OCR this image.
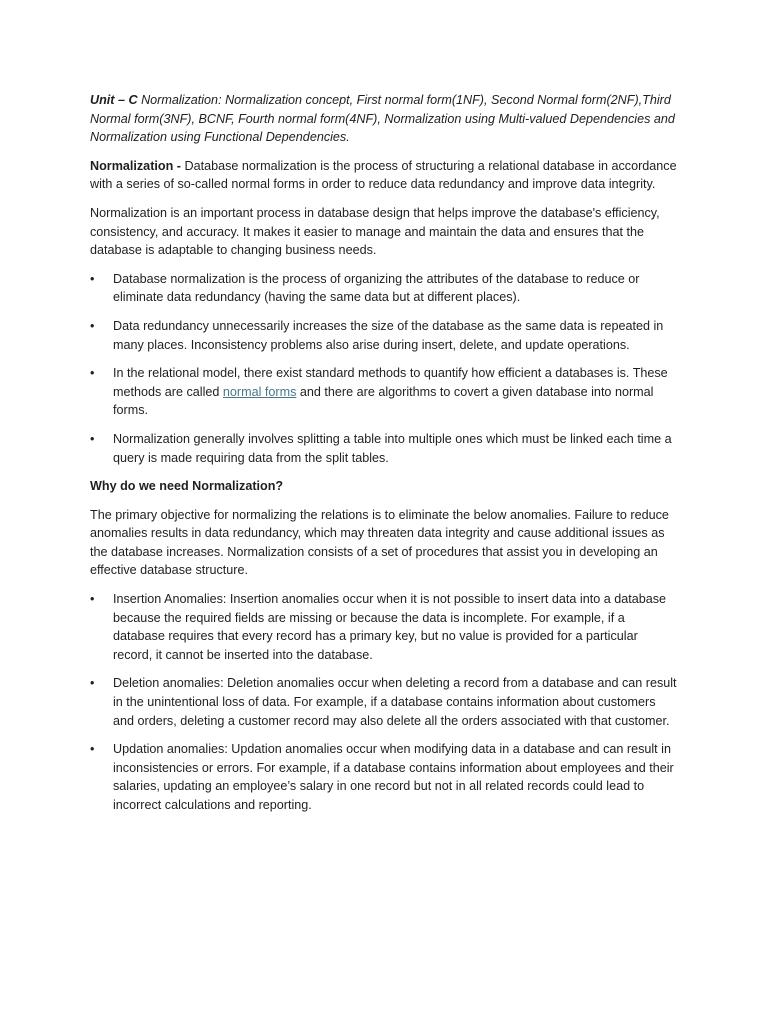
Unit – C Normalization: Normalization concept, First normal form(1NF), Second Normal form(2NF),Third Normal form(3NF), BCNF, Fourth normal form(4NF), Normalization using Multi-valued Dependencies and Normalization using Functional Dependencies.

Normalization - Database normalization is the process of structuring a relational database in accordance with a series of so-called normal forms in order to reduce data redundancy and improve data integrity.

Normalization is an important process in database design that helps improve the database's efficiency, consistency, and accuracy. It makes it easier to manage and maintain the data and ensures that the database is adaptable to changing business needs.

• Database normalization is the process of organizing the attributes of the database to reduce or eliminate data redundancy (having the same data but at different places).
• Data redundancy unnecessarily increases the size of the database as the same data is repeated in many places. Inconsistency problems also arise during insert, delete, and update operations.
• In the relational model, there exist standard methods to quantify how efficient a databases is. These methods are called normal forms and there are algorithms to covert a given database into normal forms.
• Normalization generally involves splitting a table into multiple ones which must be linked each time a query is made requiring data from the split tables.

Why do we need Normalization?

The primary objective for normalizing the relations is to eliminate the below anomalies. Failure to reduce anomalies results in data redundancy, which may threaten data integrity and cause additional issues as the database increases. Normalization consists of a set of procedures that assist you in developing an effective database structure.

• Insertion Anomalies: Insertion anomalies occur when it is not possible to insert data into a database because the required fields are missing or because the data is incomplete. For example, if a database requires that every record has a primary key, but no value is provided for a particular record, it cannot be inserted into the database.
• Deletion anomalies: Deletion anomalies occur when deleting a record from a database and can result in the unintentional loss of data. For example, if a database contains information about customers and orders, deleting a customer record may also delete all the orders associated with that customer.
• Updation anomalies: Updation anomalies occur when modifying data in a database and can result in inconsistencies or errors. For example, if a database contains information about employees and their salaries, updating an employee’s salary in one record but not in all related records could lead to incorrect calculations and reporting.
